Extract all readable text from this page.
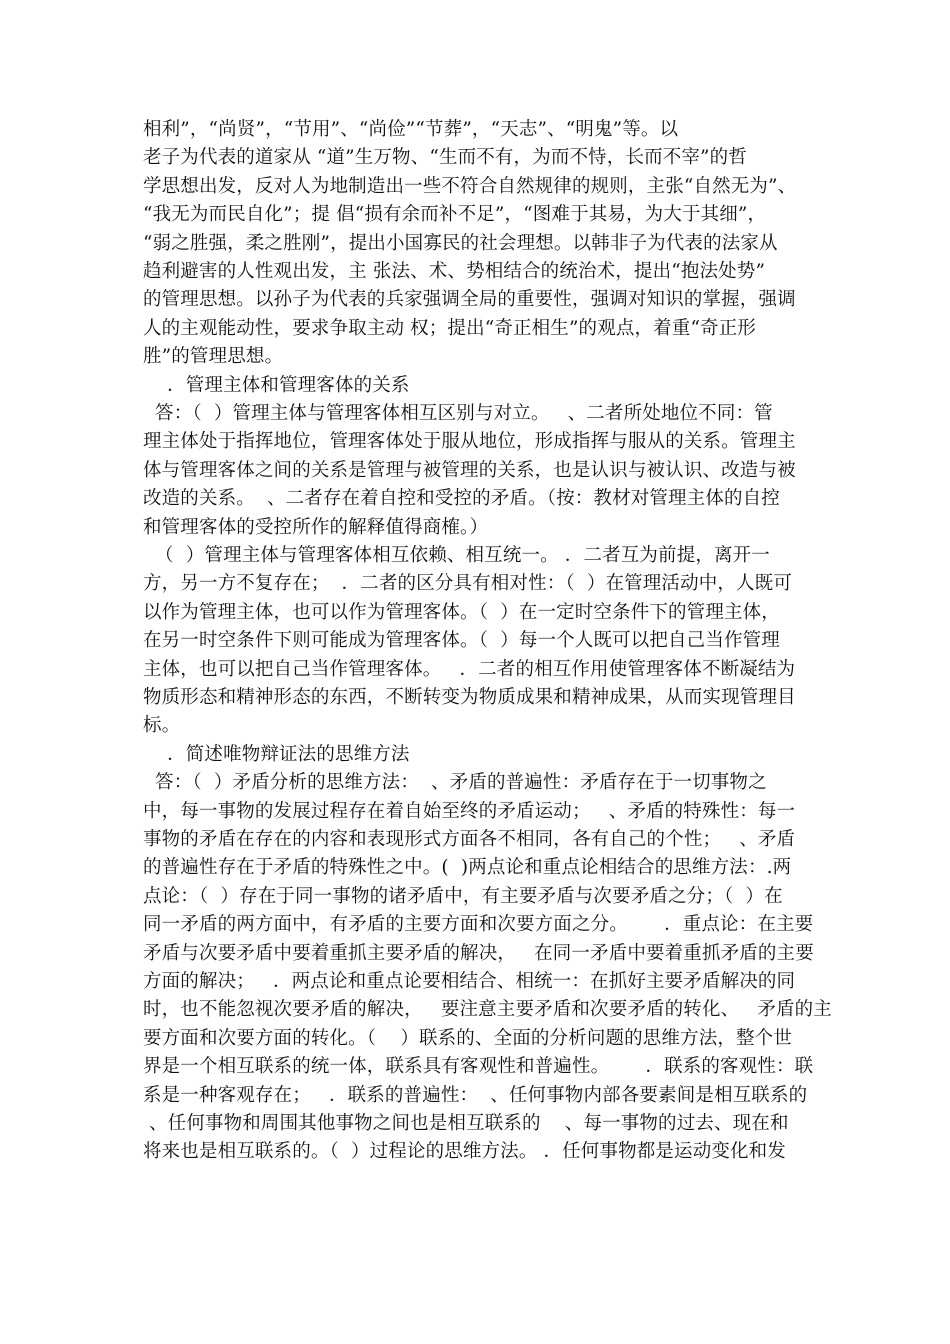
相利”，“尚贤”，“节用”、“尚俭”“节葬”，“天志”、“明鬼”等。以
老子为代表的道家从 “道”生万物、“生而不有，为而不恃，长而不宰”的哲
学思想出发，反对人为地制造出一些不符合自然规律的规则，主张“自然无为”、
“我无为而民自化”；提 倡“损有余而补不足”，“图难于其易，为大于其细”，
“弱之胜强，柔之胜刚”，提出小国寡民的社会理想。以韩非子为代表的法家从
趋利避害的人性观出发，主 张法、术、势相结合的统治术，提出“抱法处势”
的管理思想。以孙子为代表的兵家强调全局的重要性，强调对知识的掌握，强调
人的主观能动性，要求争取主动 权；提出“奇正相生”的观点，着重“奇正形
胜”的管理思想。
．管理主体和管理客体的关系
答：（  ）管理主体与管理客体相互区别与对立。   、二者所处地位不同：管
理主体处于指挥地位，管理客体处于服从地位，形成指挥与服从的关系。管理主
体与管理客体之间的关系是管理与被管理的关系，也是认识与被认识、改造与被
改造的关系。  、二者存在着自控和受控的矛盾。（按：教材对管理主体的自控
和管理客体的受控所作的解释值得商榷。）
（  ）管理主体与管理客体相互依赖、相互统一。 ．二者互为前提，离开一
方，另一方不复存在；  ．二者的区分具有相对性：（  ）在管理活动中，人既可
以作为管理主体，也可以作为管理客体。（  ）在一定时空条件下的管理主体，
在另一时空条件下则可能成为管理客体。（  ）每一个人既可以把自己当作管理
主体，也可以把自己当作管理客体。   ．二者的相互作用使管理客体不断凝结为
物质形态和精神形态的东西，不断转变为物质成果和精神成果，从而实现管理目
标。
．简述唯物辩证法的思维方法
答：（  ）矛盾分析的思维方法：  、矛盾的普遍性：矛盾存在于一切事物之
中，每一事物的发展过程存在着自始至终的矛盾运动；   、矛盾的特殊性：每一
事物的矛盾在存在的内容和表现形式方面各不相同，各有自己的个性；   、矛盾
的普遍性存在于矛盾的特殊性之中。(  )两点论和重点论相结合的思维方法：.两
点论：（  ）存在于同一事物的诸矛盾中，有主要矛盾与次要矛盾之分；（  ）在
同一矛盾的两方面中，有矛盾的主要方面和次要方面之分。      ．重点论：在主要
矛盾与次要矛盾中要着重抓主要矛盾的解决，   在同一矛盾中要着重抓矛盾的主要
方面的解决；   ．两点论和重点论要相结合、相统一：在抓好主要矛盾解决的同
时，也不能忽视次要矛盾的解决，   要注意主要矛盾和次要矛盾的转化、   矛盾的主
要方面和次要方面的转化。（    ）联系的、全面的分析问题的思维方法，整个世
界是一个相互联系的统一体，联系具有客观性和普遍性。      ．联系的客观性：联
系是一种客观存在；   ．联系的普遍性：  、任何事物内部各要素间是相互联系的
、任何事物和周围其他事物之间也是相互联系的    、每一事物的过去、现在和
将来也是相互联系的。（  ）过程论的思维方法。 ．任何事物都是运动变化和发
